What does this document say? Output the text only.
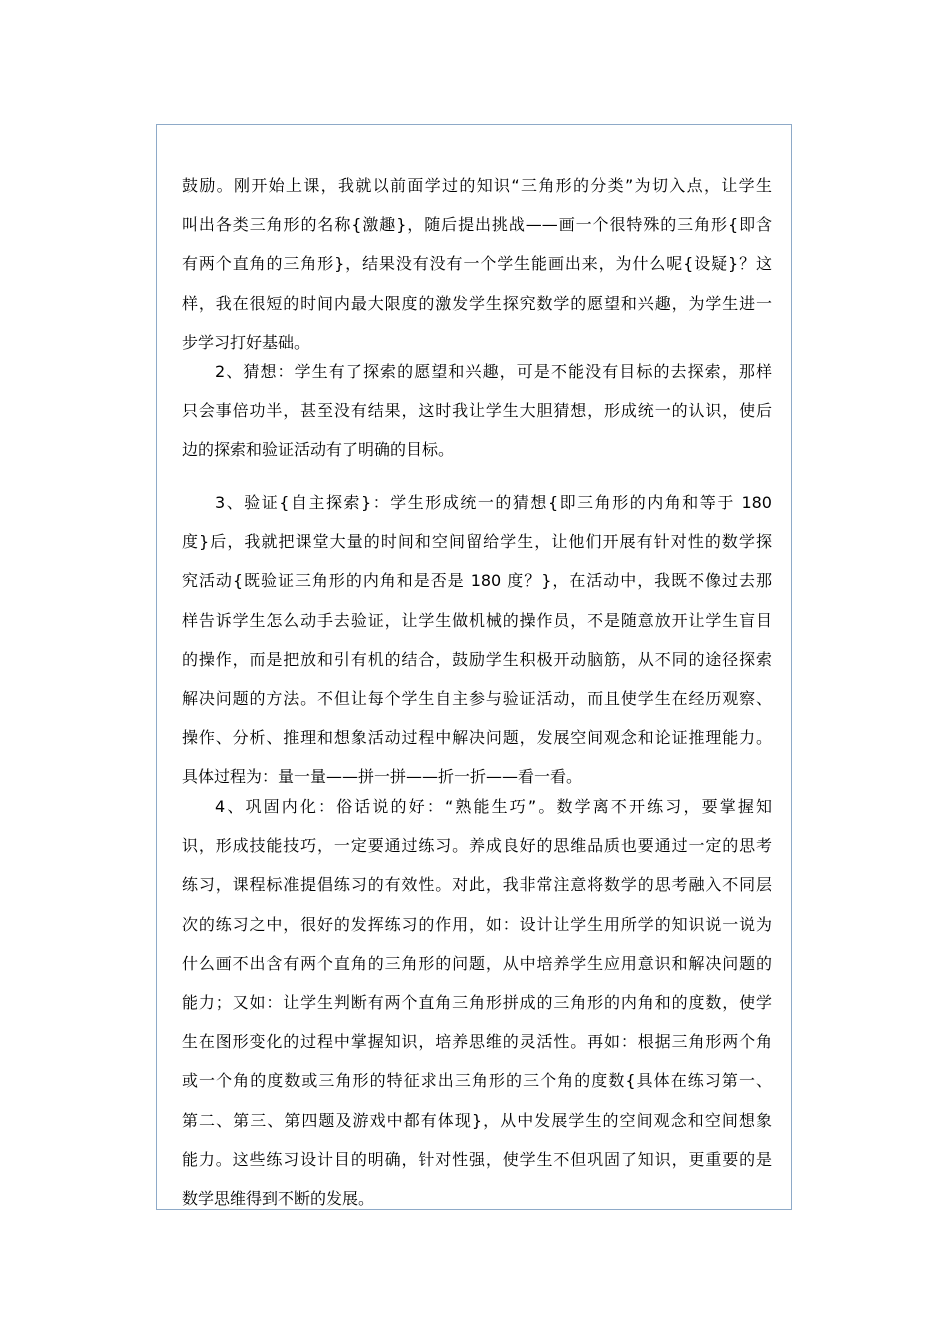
鼓励。刚开始上课，我就以前面学过的知识“三角形的分类”为切入点，让学生
叫出各类三角形的名称{激趣}，随后提出挑战——画一个很特殊的三角形{即含
有两个直角的三角形}，结果没有没有一个学生能画出来，为什么呢{设疑}？这
样，我在很短的时间内最大限度的激发学生探究数学的愿望和兴趣，为学生进一
步学习打好基础。
2、猜想：学生有了探索的愿望和兴趣，可是不能没有目标的去探索，那样
只会事倍功半，甚至没有结果，这时我让学生大胆猜想，形成统一的认识，使后
边的探索和验证活动有了明确的目标。
3、验证{自主探索}：学生形成统一的猜想{即三角形的内角和等于 180
度}后，我就把课堂大量的时间和空间留给学生，让他们开展有针对性的数学探
究活动{既验证三角形的内角和是否是 180 度？}，在活动中，我既不像过去那
样告诉学生怎么动手去验证，让学生做机械的操作员，不是随意放开让学生盲目
的操作，而是把放和引有机的结合，鼓励学生积极开动脑筋，从不同的途径探索
解决问题的方法。不但让每个学生自主参与验证活动，而且使学生在经历观察、
操作、分析、推理和想象活动过程中解决问题，发展空间观念和论证推理能力。
具体过程为：量一量——拼一拼——折一折——看一看。
4、巩固内化：俗话说的好：“熟能生巧”。数学离不开练习，要掌握知
识，形成技能技巧，一定要通过练习。养成良好的思维品质也要通过一定的思考
练习，课程标准提倡练习的有效性。对此，我非常注意将数学的思考融入不同层
次的练习之中，很好的发挥练习的作用，如：设计让学生用所学的知识说一说为
什么画不出含有两个直角的三角形的问题，从中培养学生应用意识和解决问题的
能力；又如：让学生判断有两个直角三角形拼成的三角形的内角和的度数，使学
生在图形变化的过程中掌握知识，培养思维的灵活性。再如：根据三角形两个角
或一个角的度数或三角形的特征求出三角形的三个角的度数{具体在练习第一、
第二、第三、第四题及游戏中都有体现}，从中发展学生的空间观念和空间想象
能力。这些练习设计目的明确，针对性强，使学生不但巩固了知识，更重要的是
数学思维得到不断的发展。
